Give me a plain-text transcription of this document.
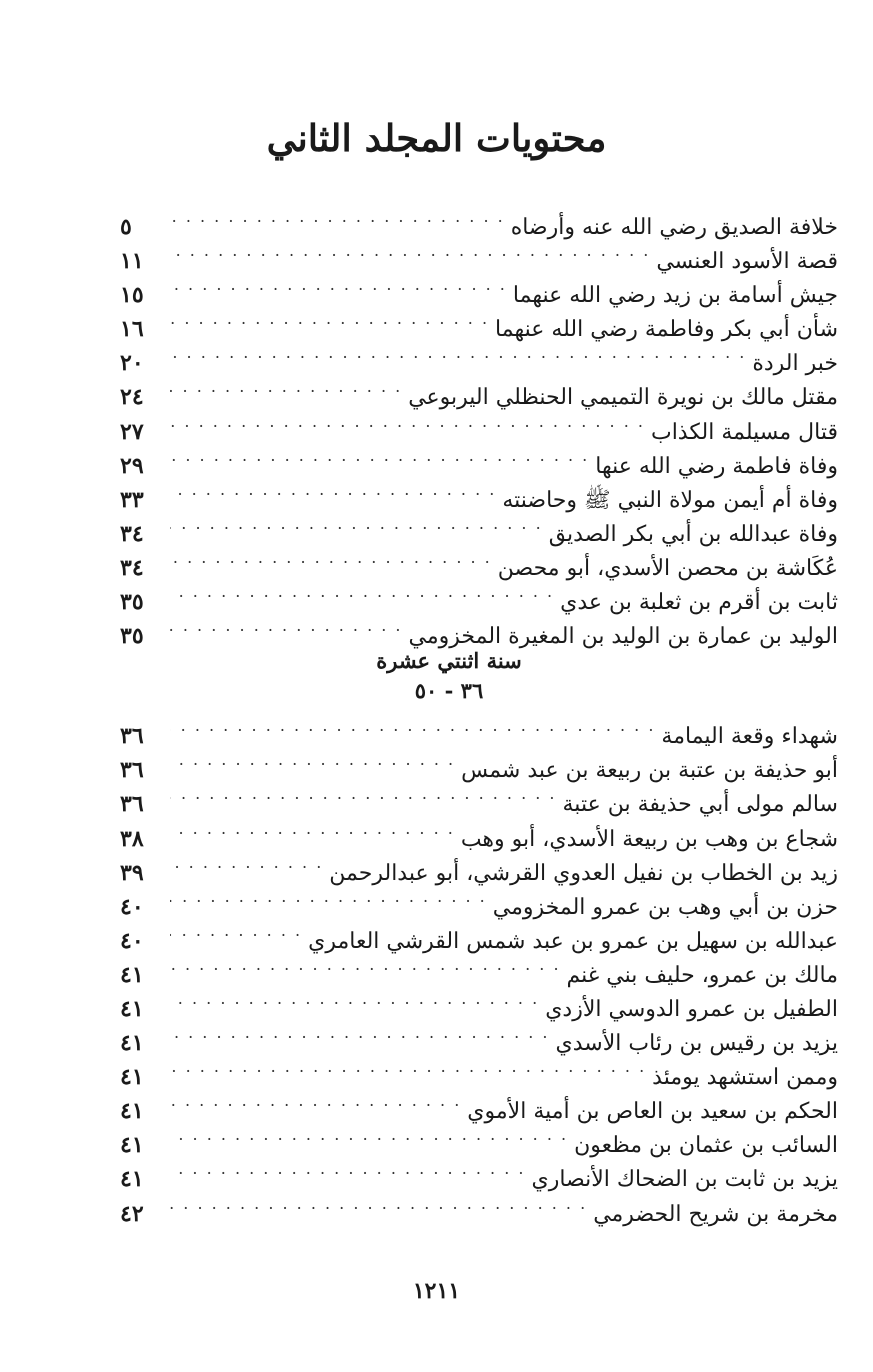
محتويات المجلد الثاني
خلافة الصديق رضي الله عنه وأرضاه
. . .
٥
قصة الأسود العنسي
. . .
١١
جيش أسامة بن زيد رضي الله عنهما
. . .
١٥
شأن أبي بكر وفاطمة رضي الله عنهما
. . .
١٦
خبر الردة
. . .
٢٠
مقتل مالك بن نويرة التميمي الحنظلي اليربوعي
. . .
٢٤
قتال مسيلمة الكذاب
. . .
٢٧
وفاة فاطمة رضي الله عنها
. . .
٢٩
وفاة أم أيمن مولاة النبي ﷺ وحاضنته
. . .
٣٣
وفاة عبدالله بن أبي بكر الصديق
. . .
٣٤
عُكَاشة بن محصن الأسدي، أبو محصن
. . .
٣٤
ثابت بن أقرم بن ثعلبة بن عدي
. . .
٣٥
الوليد بن عمارة بن الوليد بن المغيرة المخزومي
. . .
٣٥
سنة اثنتي عشرة
٣٦ - ٥٠
شهداء وقعة اليمامة
. . .
٣٦
أبو حذيفة بن عتبة بن ربيعة بن عبد شمس
. . .
٣٦
سالم مولى أبي حذيفة بن عتبة
. . .
٣٦
شجاع بن وهب بن ربيعة الأسدي، أبو وهب
. . .
٣٨
زيد بن الخطاب بن نفيل العدوي القرشي، أبو عبدالرحمن
. . .
٣٩
حزن بن أبي وهب بن عمرو المخزومي
. . .
٤٠
عبدالله بن سهيل بن عمرو بن عبد شمس القرشي العامري
. . .
٤٠
مالك بن عمرو، حليف بني غنم
. . .
٤١
الطفيل بن عمرو الدوسي الأزدي
. . .
٤١
يزيد بن رقيس بن رئاب الأسدي
. . .
٤١
وممن استشهد يومئذ
. . .
٤١
الحكم بن سعيد بن العاص بن أمية الأموي
. . .
٤١
السائب بن عثمان بن مظعون
. . .
٤١
يزيد بن ثابت بن الضحاك الأنصاري
. . .
٤١
مخرمة بن شريح الحضرمي
. . .
٤٢
١٢١١
